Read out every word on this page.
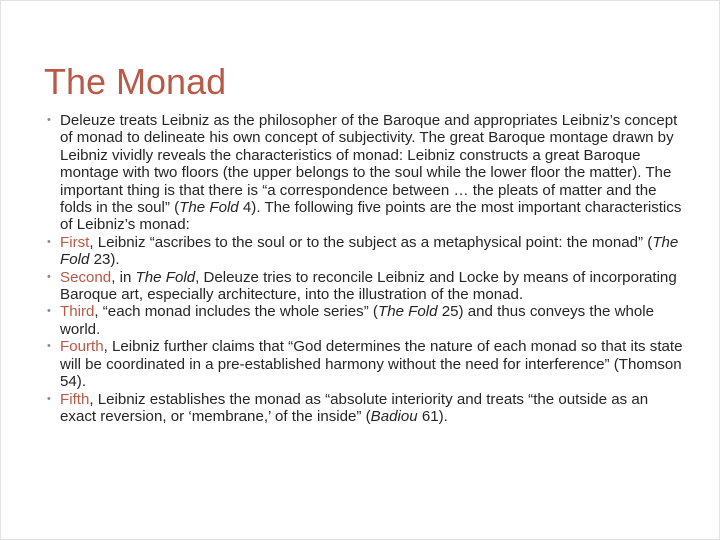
The Monad
• Deleuze treats Leibniz as the philosopher of the Baroque and appropriates Leibniz’s concept of monad to delineate his own concept of subjectivity. The great Baroque montage drawn by Leibniz vividly reveals the characteristics of monad: Leibniz constructs a great Baroque montage with two floors (the upper belongs to the soul while the lower floor the matter). The important thing is that there is “a correspondence between … the pleats of matter and the folds in the soul” (The Fold 4). The following five points are the most important characteristics of Leibniz’s monad:
• First, Leibniz “ascribes to the soul or to the subject as a metaphysical point: the monad” (The Fold 23).
• Second, in The Fold, Deleuze tries to reconcile Leibniz and Locke by means of incorporating Baroque art, especially architecture, into the illustration of the monad.
• Third, “each monad includes the whole series” (The Fold 25) and thus conveys the whole world.
• Fourth, Leibniz further claims that “God determines the nature of each monad so that its state will be coordinated in a pre-established harmony without the need for interference” (Thomson 54).
• Fifth, Leibniz establishes the monad as “absolute interiority and treats “the outside as an exact reversion, or ‘membrane,’ of the inside” (Badiou 61).
